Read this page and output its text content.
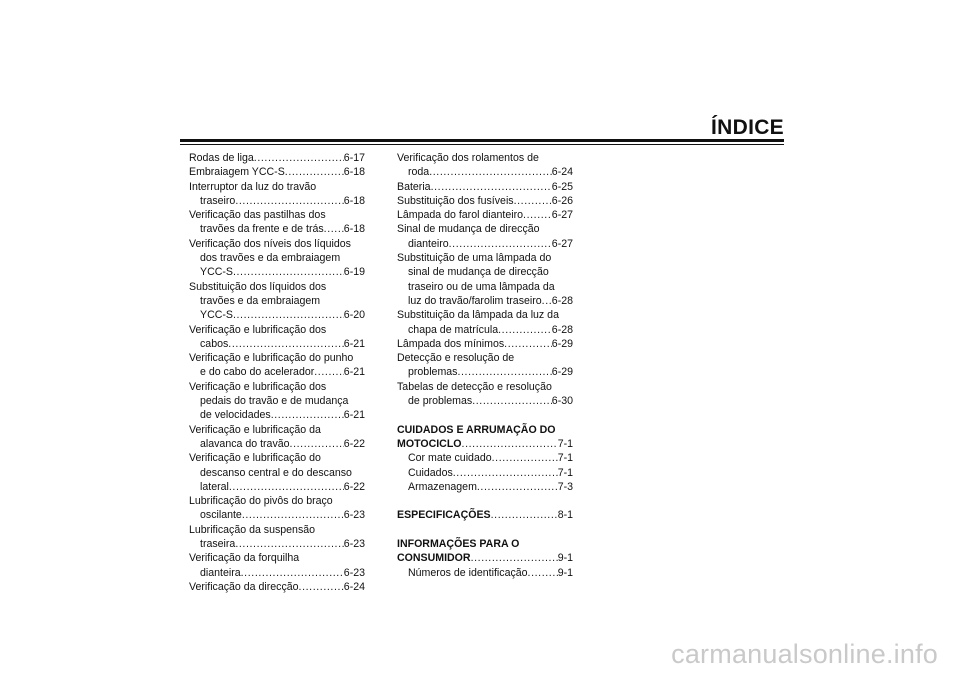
ÍNDICE
Rodas de liga .....	6-17
Embraiagem YCC-S .....	6-18
Interruptor da luz do travão
traseiro .....	6-18
Verificação das pastilhas dos
travões da frente e de trás ..... 6-18
Verificação dos níveis dos líquidos
dos travões e da embraiagem
YCC-S .....	6-19
Substituição dos líquidos dos
travões e da embraiagem
YCC-S .....	6-20
Verificação e lubrificação dos
cabos .....	6-21
Verificação e lubrificação do punho
e do cabo do acelerador .....	6-21
Verificação e lubrificação dos
pedais do travão e de mudança
de velocidades .....	6-21
Verificação e lubrificação da
alavanca do travão .....	6-22
Verificação e lubrificação do
descanso central e do descanso
lateral .....	6-22
Lubrificação do pivôs do braço
oscilante .....	6-23
Lubrificação da suspensão
traseira .....	6-23
Verificação da forquilha
dianteira .....	6-23
Verificação da direcção .....	6-24
Verificação dos rolamentos de
roda .....	6-24
Bateria .....	6-25
Substituição dos fusíveis .....	6-26
Lâmpada do farol dianteiro .....	6-27
Sinal de mudança de direcção
dianteiro .....	6-27
Substituição de uma lâmpada do
sinal de mudança de direcção
traseiro ou de uma lâmpada da
luz do travão/farolim traseiro ..... 6-28
Substituição da lâmpada da luz da
chapa de matrícula .....	6-28
Lâmpada dos mínimos .....	6-29
Detecção e resolução de
problemas .....	6-29
Tabelas de detecção e resolução
de problemas .....	6-30
CUIDADOS E ARRUMAÇÃO DO
MOTOCICLO .....	7-1
Cor mate cuidado .....	7-1
Cuidados .....	7-1
Armazenagem .....	7-3
ESPECIFICAÇÕES .....	8-1
INFORMAÇÕES PARA O
CONSUMIDOR .....	9-1
Números de identificação .....	9-1
carmanualsonline.info
